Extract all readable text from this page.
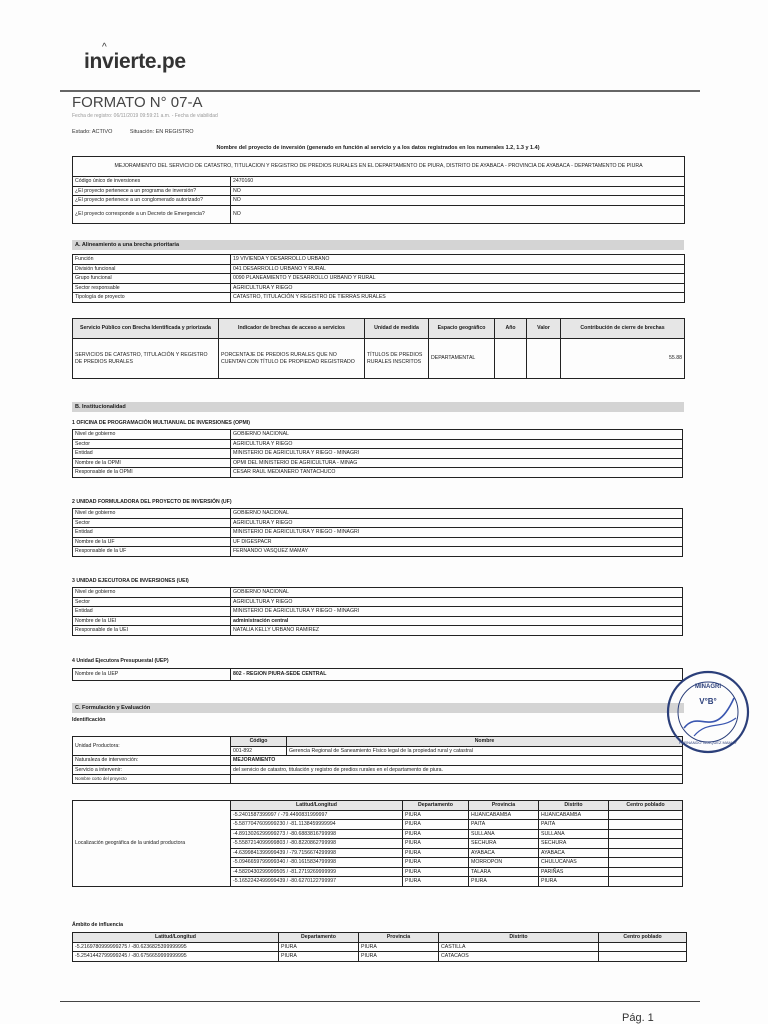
^
invierte.pe
FORMATO N° 07-A
Fecha de registro: 06/11/2019 09:59:21 a.m. - Fecha de viabilidad
Estado: ACTIVO	Situación: EN REGISTRO
Nombre del proyecto de inversión (generado en función al servicio y a los datos registrados en los numerales 1.2, 1.3 y 1.4)
MEJORAMIENTO DEL SERVICIO DE CATASTRO, TITULACION Y REGISTRO DE PREDIOS RURALES EN EL DEPARTAMENTO DE PIURA, DISTRITO DE AYABACA - PROVINCIA DE AYABACA - DEPARTAMENTO DE PIURA	
Código único de inversiones	2470160
¿El proyecto pertenece a un programa de inversión?	NO
¿El proyecto pertenece a un conglomerado autorizado?	NO
¿El proyecto corresponde a un Decreto de Emergencia?	NO
A. Alineamiento a una brecha prioritaria
Función	19 VIVIENDA Y DESARROLLO URBANO
División funcional	041 DESARROLLO URBANO Y RURAL
Grupo funcional	0090 PLANEAMIENTO Y DESARROLLO URBANO Y RURAL
Sector responsable	AGRICULTURA Y RIEGO
Tipología de proyecto	CATASTRO, TITULACIÓN Y REGISTRO DE TIERRAS RURALES
Servicio Público con Brecha Identificada y priorizada	Indicador de brechas de acceso a servicios	Unidad de medida	Espacio geográfico	Año	Valor	Contribución de cierre de brechas
SERVICIOS DE CATASTRO, TITULACIÓN Y REGISTRO DE PREDIOS RURALES	PORCENTAJE DE PREDIOS RURALES QUE NO CUENTAN CON TÍTULO DE PROPIEDAD REGISTRADO	TÍTULOS DE PREDIOS RURALES INSCRITOS	DEPARTAMENTAL			55.88
B. Institucionalidad
1 OFICINA DE PROGRAMACIÓN MULTIANUAL DE INVERSIONES (OPMI)
Nivel de gobierno	GOBIERNO NACIONAL
Sector	AGRICULTURA Y RIEGO
Entidad	MINISTERIO DE AGRICULTURA Y RIEGO - MINAGRI
Nombre de la OPMI	OPMI DEL MINISTERIO DE AGRICULTURA - MINAG
Responsable de la OPMI	CESAR RAUL MEDIANERO TANTACHUCO
2 UNIDAD FORMULADORA DEL PROYECTO DE INVERSIÓN (UF)
Nivel de gobierno	GOBIERNO NACIONAL
Sector	AGRICULTURA Y RIEGO
Entidad	MINISTERIO DE AGRICULTURA Y RIEGO - MINAGRI
Nombre de la UF	UF DIGESPACR
Responsable de la UF	FERNANDO VASQUEZ MAMAY
3 UNIDAD EJECUTORA DE INVERSIONES (UEI)
Nivel de gobierno	GOBIERNO NACIONAL
Sector	AGRICULTURA Y RIEGO
Entidad	MINISTERIO DE AGRICULTURA Y RIEGO - MINAGRI
Nombre de la UEI	administración central
Responsable de la UEI	NATALIA KELLY URBANO RAMIREZ
4 Unidad Ejecutora Presupuestal (UEP)
Nombre de la UEP	802 - REGION PIURA-SEDE CENTRAL
C. Formulación y Evaluación
Identificación
Unidad Productora:	Código	Nombre
	001-892	Gerencia Regional de Saneamiento Físico legal de la propiedad rural y catastral
Naturaleza de intervención:	MEJORAMIENTO	
Servicio a intervenir:	del servicio de catastro, titulación y registro de predios rurales en el departamento de piura.	
Nombre corto del proyecto		
Localización geográfica de la unidad productora	Latitud/Longitud	Departamento	Provincia	Distrito	Centro poblado
	-5.2401587399997 / -79.4490831999997	PIURA	HUANCABAMBA	HUANCABAMBA	
	-5.5877047609999230 / -81.1138459999994	PIURA	PAITA	PAITA	
	-4.8913026299999273 / -80.6883816799998	PIURA	SULLANA	SULLANA	
	-5.5587214099999803 / -80.8220862799998	PIURA	SECHURA	SECHURA	
	-4.6399841399999439 / -79.7156674299998	PIURA	AYABACA	AYABACA	
	-5.0946659799999340 / -80.1615834799998	PIURA	MORROPON	CHULUCANAS	
	-4.5820430299999505 / -81.2719269999999	PIURA	TALARA	PARIÑAS	
	-5.1652242499999439 / -80.6270122799997	PIURA	PIURA	PIURA	
Ámbito de influencia
Latitud/Longitud	Departamento	Provincia	Distrito	Centro poblado
-5.2169780999999275 / -80.6236825399999995	PIURA	PIURA	CASTILLA	
-5.2541442799999245 / -80.6756659999999995	PIURA	PIURA	CATACAOS	
MINAGRI
V°B°
FERNANDO VASQUEZ MAMAY
Pág. 1
